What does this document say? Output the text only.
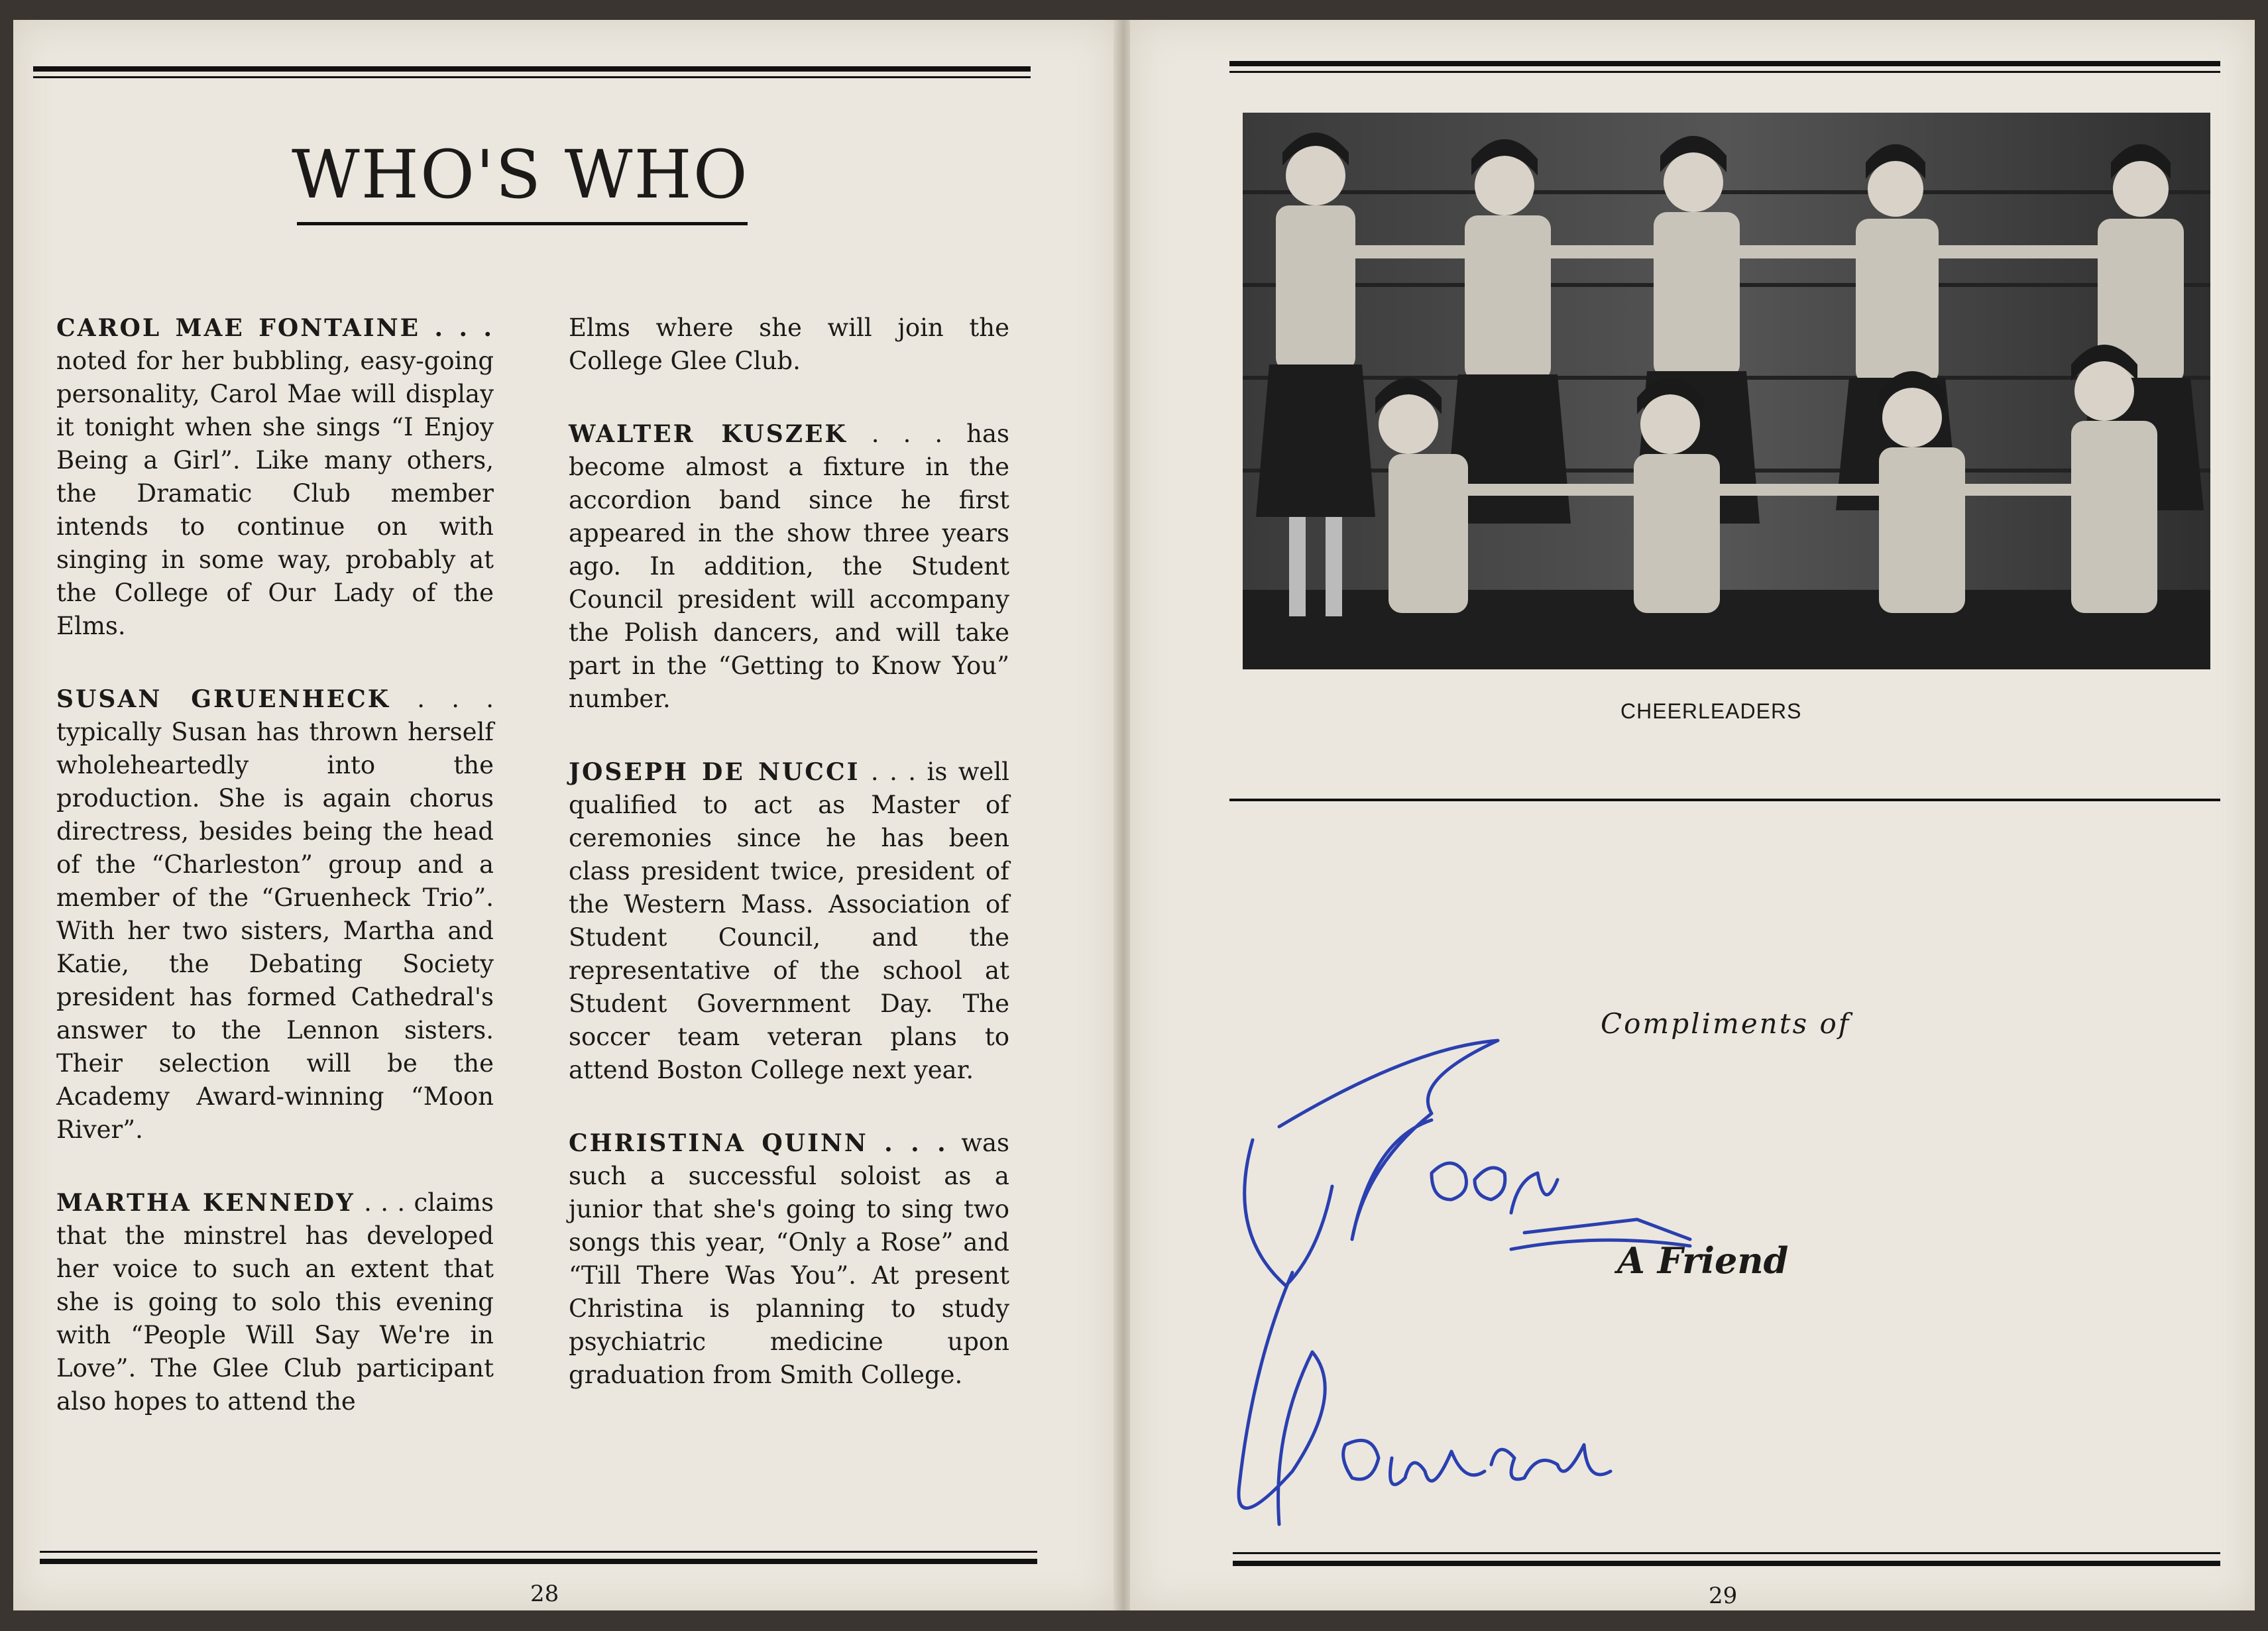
WHO'S WHO

CAROL MAE FONTAINE . . . noted for her bubbling, easy-going personality, Carol Mae will display it tonight when she sings “I Enjoy Being a Girl”. Like many others, the Dramatic Club member intends to continue on with singing in some way, probably at the College of Our Lady of the Elms.

SUSAN GRUENHECK . . . typically Susan has thrown herself wholeheartedly into the production. She is again chorus directress, besides being the head of the “Charleston” group and a member of the “Gruenheck Trio”. With her two sisters, Martha and Katie, the Debating Society president has formed Cathedral's answer to the Lennon sisters. Their selection will be the Academy Award-winning “Moon River”.

MARTHA KENNEDY . . . claims that the minstrel has developed her voice to such an extent that she is going to solo this evening with “People Will Say We're in Love”. The Glee Club participant also hopes to attend the

Elms where she will join the College Glee Club.

WALTER KUSZEK . . . has become almost a fixture in the accordion band since he first appeared in the show three years ago. In addition, the Student Council president will accompany the Polish dancers, and will take part in the “Getting to Know You” number.

JOSEPH DE NUCCI . . . is well qualified to act as Master of ceremonies since he has been class president twice, president of the Western Mass. Association of Student Council, and the representative of the school at Student Government Day. The soccer team veteran plans to attend Boston College next year.

CHRISTINA QUINN . . . was such a successful soloist as a junior that she's going to sing two songs this year, “Only a Rose” and “Till There Was You”. At present Christina is planning to study psychiatric medicine upon graduation from Smith College.

28
CHEERLEADERS
Compliments of
A Friend
29
